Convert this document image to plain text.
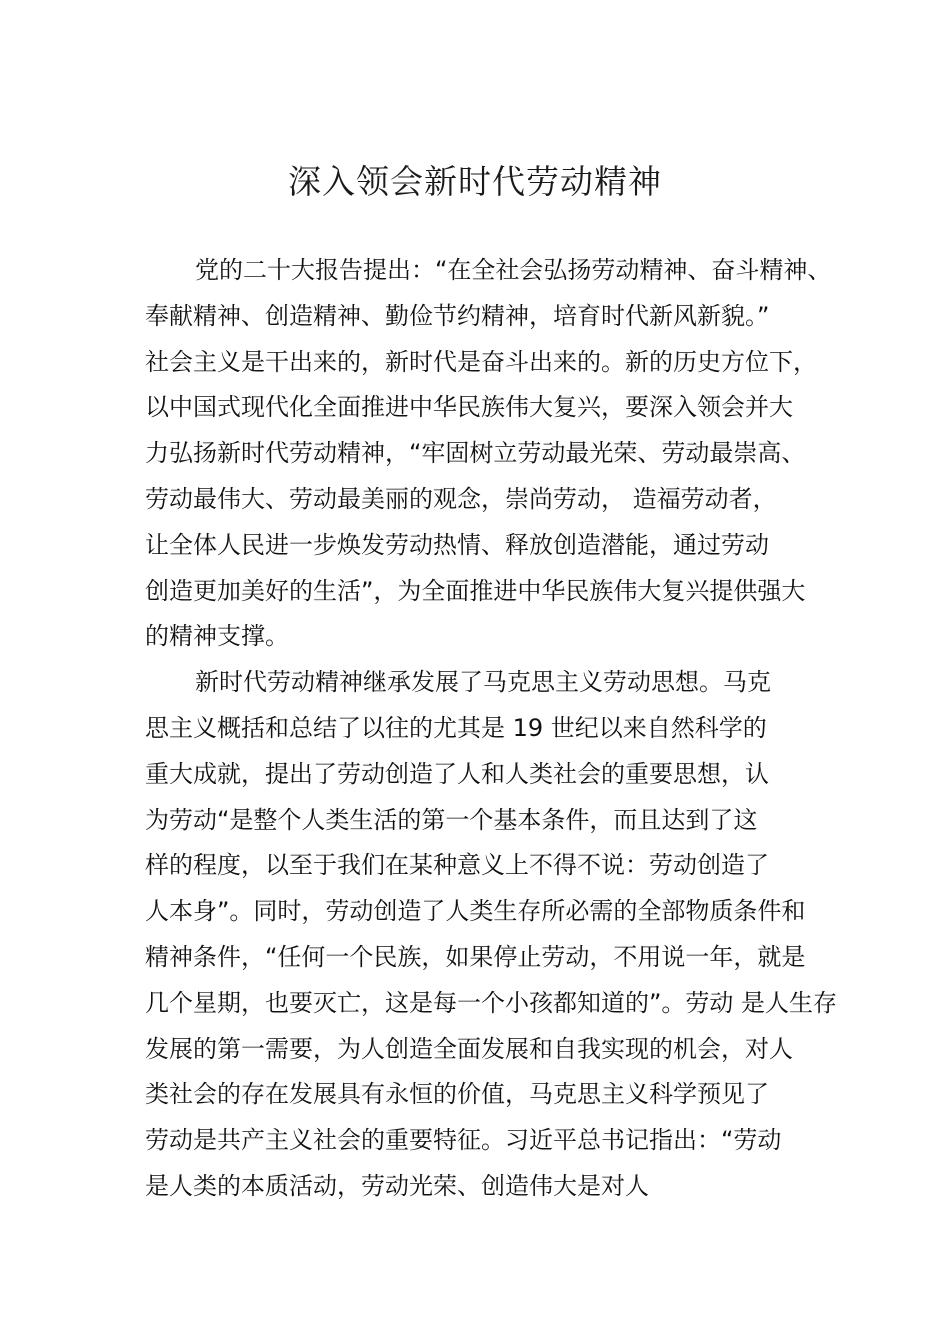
深入领会新时代劳动精神
党的二十大报告提出：“在全社会弘扬劳动精神、奋斗精神、
奉献精神、创造精神、勤俭节约精神，培育时代新风新貌。”
社会主义是干出来的，新时代是奋斗出来的。新的历史方位下，
以中国式现代化全面推进中华民族伟大复兴，要深入领会并大
力弘扬新时代劳动精神，“牢固树立劳动最光荣、劳动最崇高、
劳动最伟大、劳动最美丽的观念，崇尚劳动， 造福劳动者，
让全体人民进一步焕发劳动热情、释放创造潜能，通过劳动
创造更加美好的生活”，为全面推进中华民族伟大复兴提供强大
的精神支撑。
新时代劳动精神继承发展了马克思主义劳动思想。马克
思主义概括和总结了以往的尤其是 19 世纪以来自然科学的
重大成就，提出了劳动创造了人和人类社会的重要思想，认
为劳动“是整个人类生活的第一个基本条件，而且达到了这
样的程度，以至于我们在某种意义上不得不说：劳动创造了
人本身”。同时，劳动创造了人类生存所必需的全部物质条件和
精神条件，“任何一个民族，如果停止劳动，不用说一年，就是
几个星期，也要灭亡，这是每一个小孩都知道的”。劳动 是人生存
发展的第一需要，为人创造全面发展和自我实现的机会，对人
类社会的存在发展具有永恒的价值，马克思主义科学预见了
劳动是共产主义社会的重要特征。习近平总书记指出：“劳动
是人类的本质活动，劳动光荣、创造伟大是对人
